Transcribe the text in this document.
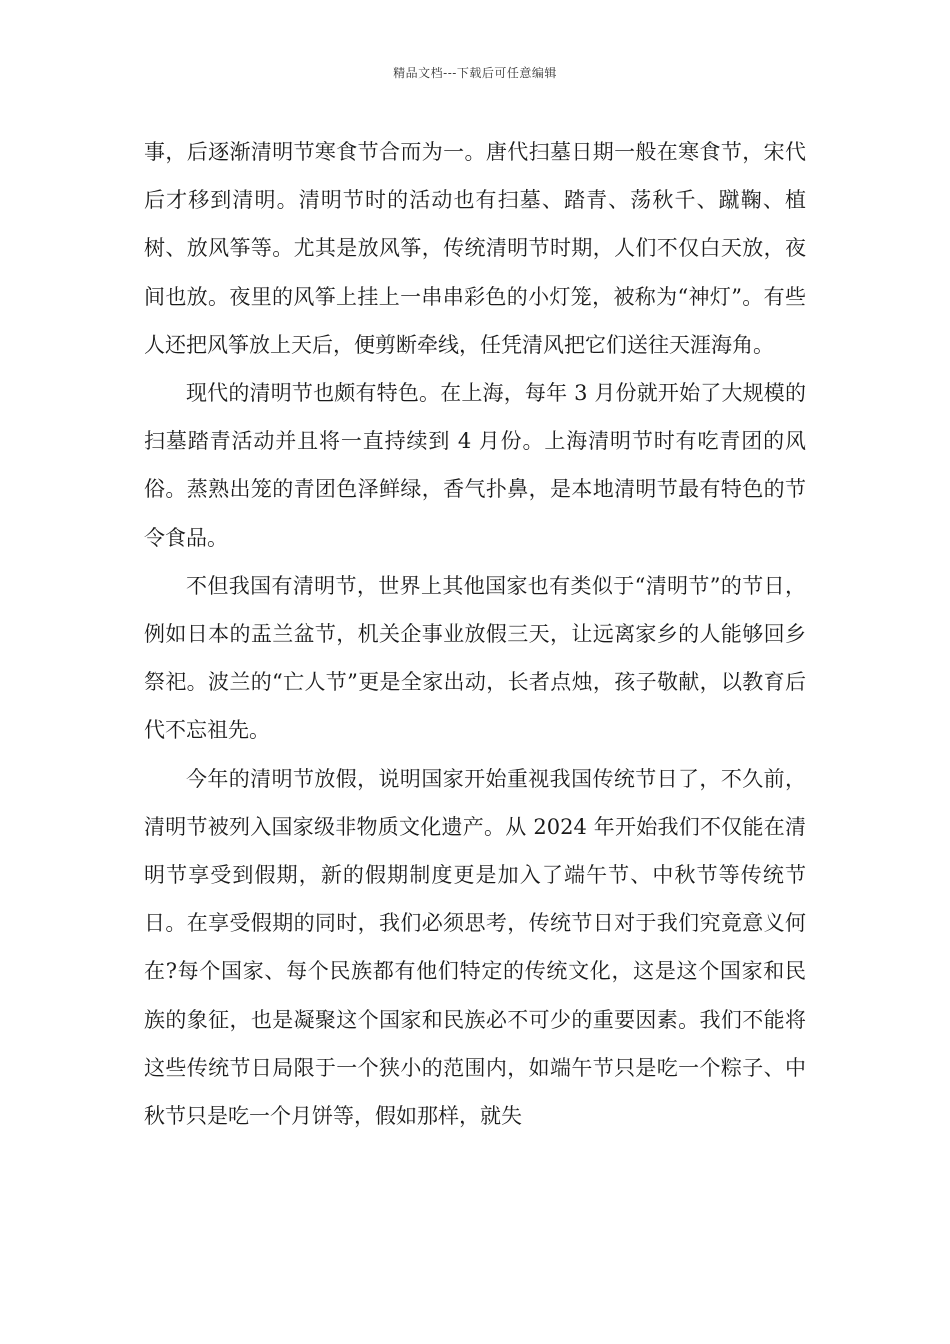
精品文档---下载后可任意编辑

事，后逐渐清明节寒食节合而为一。唐代扫墓日期一般在寒食节，宋代后才移到清明。清明节时的活动也有扫墓、踏青、荡秋千、蹴鞠、植树、放风筝等。尤其是放风筝，传统清明节时期，人们不仅白天放，夜间也放。夜里的风筝上挂上一串串彩色的小灯笼，被称为“神灯”。有些人还把风筝放上天后，便剪断牵线，任凭清风把它们送往天涯海角。

现代的清明节也颇有特色。在上海，每年 3 月份就开始了大规模的扫墓踏青活动并且将一直持续到 4 月份。上海清明节时有吃青团的风俗。蒸熟出笼的青团色泽鲜绿，香气扑鼻，是本地清明节最有特色的节令食品。

不但我国有清明节，世界上其他国家也有类似于“清明节”的节日，例如日本的盂兰盆节，机关企事业放假三天，让远离家乡的人能够回乡祭祀。波兰的“亡人节”更是全家出动，长者点烛，孩子敬献，以教育后代不忘祖先。

今年的清明节放假，说明国家开始重视我国传统节日了，不久前，清明节被列入国家级非物质文化遗产。从 2024 年开始我们不仅能在清明节享受到假期，新的假期制度更是加入了端午节、中秋节等传统节日。在享受假期的同时，我们必须思考，传统节日对于我们究竟意义何在?每个国家、每个民族都有他们特定的传统文化，这是这个国家和民族的象征，也是凝聚这个国家和民族必不可少的重要因素。我们不能将这些传统节日局限于一个狭小的范围内，如端午节只是吃一个粽子、中秋节只是吃一个月饼等，假如那样，就失
